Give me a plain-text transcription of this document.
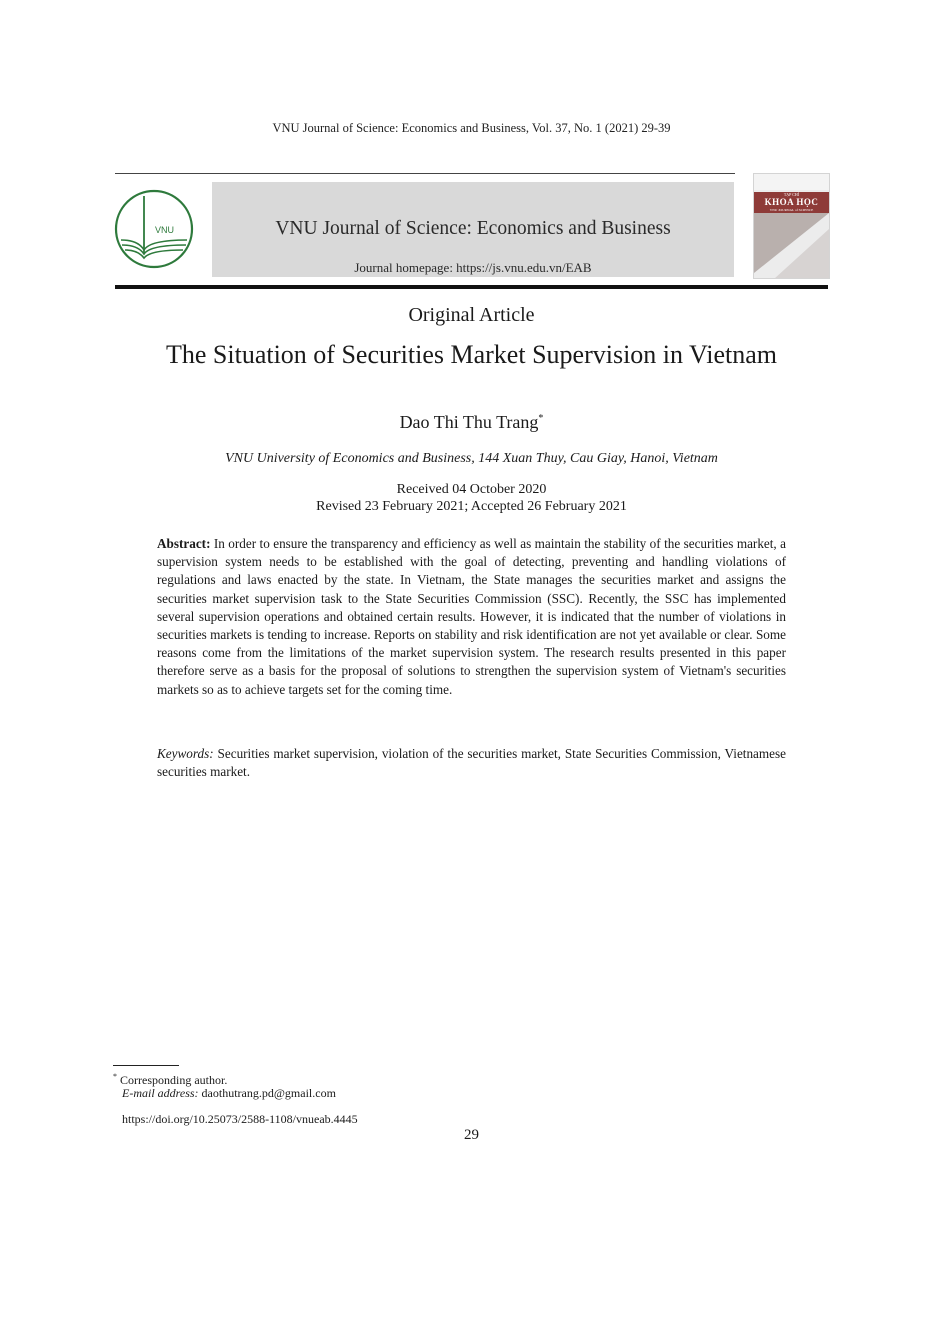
VNU Journal of Science: Economics and Business, Vol. 37, No. 1 (2021) 29-39
VNU	VNU Journal of Science: Economics and Business
Journal homepage: https://js.vnu.edu.vn/EAB
TẠP CHÍ
KHOA HỌC
VNU JOURNAL of SCIENCE
Original Article
The Situation of Securities Market Supervision in Vietnam
Dao Thi Thu Trang*
VNU University of Economics and Business, 144 Xuan Thuy, Cau Giay, Hanoi, Vietnam
Received 04 October 2020
Revised 23 February 2021; Accepted 26 February 2021
Abstract: In order to ensure the transparency and efficiency as well as maintain the stability of the securities market, a supervision system needs to be established with the goal of detecting, preventing and handling violations of regulations and laws enacted by the state. In Vietnam, the State manages the securities market and assigns the securities market supervision task to the State Securities Commission (SSC). Recently, the SSC has implemented several supervision operations and obtained certain results. However, it is indicated that the number of violations in securities markets is tending to increase. Reports on stability and risk identification are not yet available or clear. Some reasons come from the limitations of the market supervision system. The research results presented in this paper therefore serve as a basis for the proposal of solutions to strengthen the supervision system of Vietnam's securities markets so as to achieve targets set for the coming time.
Keywords: Securities market supervision, violation of the securities market, State Securities Commission, Vietnamese securities market.
* Corresponding author.
E-mail address: daothutrang.pd@gmail.com
https://doi.org/10.25073/2588-1108/vnueab.4445
29
